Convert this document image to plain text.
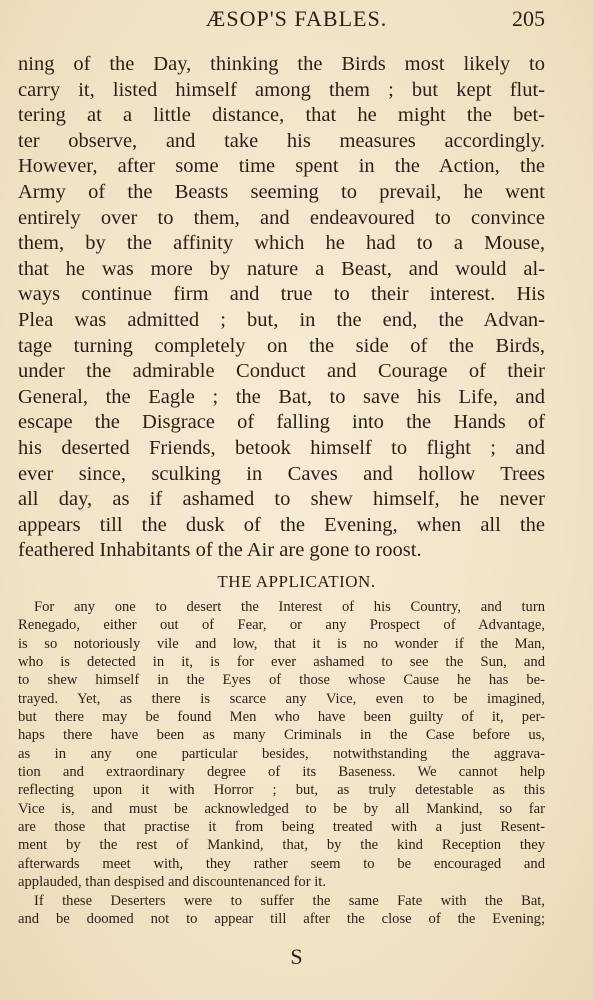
ÆSOP'S FABLES.	205
ning of the Day, thinking the Birds most likely to
carry it, listed himself among them ; but kept flut-
tering at a little distance, that he might the bet-
ter observe, and take his measures accordingly.
However, after some time spent in the Action, the
Army of the Beasts seeming to prevail, he went
entirely over to them, and endeavoured to convince
them, by the affinity which he had to a Mouse,
that he was more by nature a Beast, and would al-
ways continue firm and true to their interest. His
Plea was admitted ; but, in the end, the Advan-
tage turning completely on the side of the Birds,
under the admirable Conduct and Courage of their
General, the Eagle ; the Bat, to save his Life, and
escape the Disgrace of falling into the Hands of
his deserted Friends, betook himself to flight ; and
ever since, sculking in Caves and hollow Trees
all day, as if ashamed to shew himself, he never
appears till the dusk of the Evening, when all the
feathered Inhabitants of the Air are gone to roost.
THE APPLICATION.
For any one to desert the Interest of his Country, and turn
Renegado, either out of Fear, or any Prospect of Advantage,
is so notoriously vile and low, that it is no wonder if the Man,
who is detected in it, is for ever ashamed to see the Sun, and
to shew himself in the Eyes of those whose Cause he has be-
trayed. Yet, as there is scarce any Vice, even to be imagined,
but there may be found Men who have been guilty of it, per-
haps there have been as many Criminals in the Case before us,
as in any one particular besides, notwithstanding the aggrava-
tion and extraordinary degree of its Baseness. We cannot help
reflecting upon it with Horror ; but, as truly detestable as this
Vice is, and must be acknowledged to be by all Mankind, so far
are those that practise it from being treated with a just Resent-
ment by the rest of Mankind, that, by the kind Reception they
afterwards meet with, they rather seem to be encouraged and
applauded, than despised and discountenanced for it.
If these Deserters were to suffer the same Fate with the Bat,
and be doomed not to appear till after the close of the Evening;
S
